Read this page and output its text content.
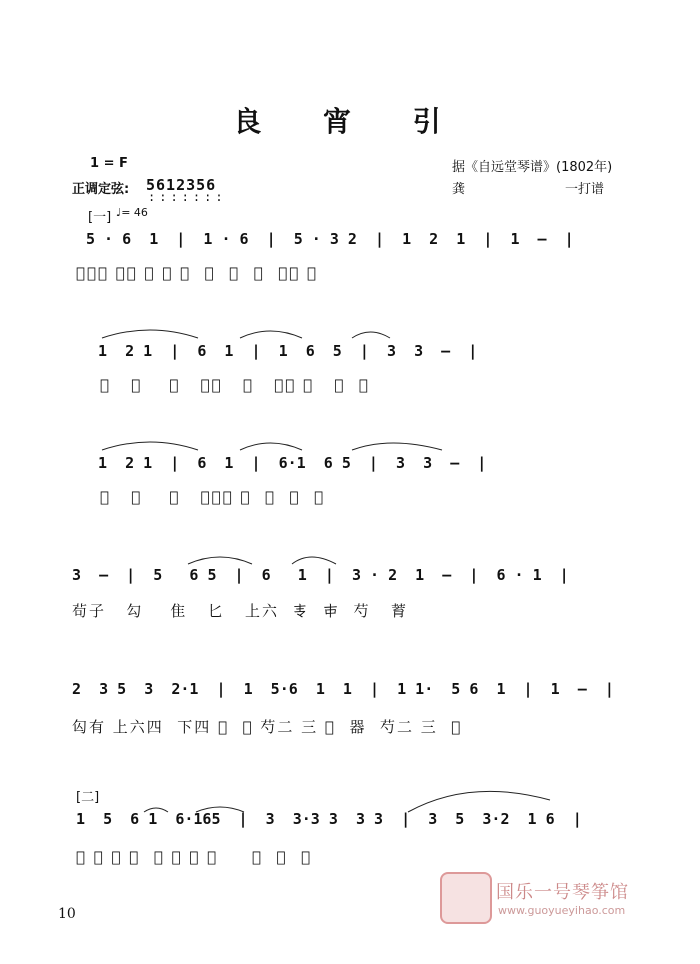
良 宵 引
1 = F
正调定弦: 5612356
:::::::
据《自远堂琴谱》(1802年)
龚	一打谱
[一] ♩= 46
5 · 6  1  |  1 · 6  |  5 · 3 2  |  1  2  1  |  1  —  |
𮦳有芍 三正 𰀀 卺 𰁀  㕯  勺  四  三正 𰀀
1  2 1  |  6  1  |  1  6  5  |  3  3  —  |
𰁁   雊    茾   上六   𰀂   下七 𰀃   𰀄  𰀅
1  2 1  |  6  1  |  6·1  6 5  |  3  3  —  |
𰁂   雊    茾   上六立 𰀆  𰀃  𰀇  𰀅
3  —  |  5   6 5  |  6   1  |  3 · 2  1  —  |  6 · 1  |
茍子   勾    隹   匕   上六  𰀈  𰀉  芍   𦱀
2  3 5  3  2·1  |  1  5·6  1  1  |  1 1·  5 6  1  |  1  —  |
匃有 上六四  下四 𰀊  𰀋 芍二 三 𰀌  器  芍二 三  𰀌
[二]
1  5  6 1  6·165  |  3  3·3 3  3 3  |  3  5  3·2  1 6  |
𰀍 芍 𰀎 立  𰀃 𰀅 𰀏 固     𰀅  𰀐  二
10
国乐一号琴筝馆
www.guoyueyihao.com
